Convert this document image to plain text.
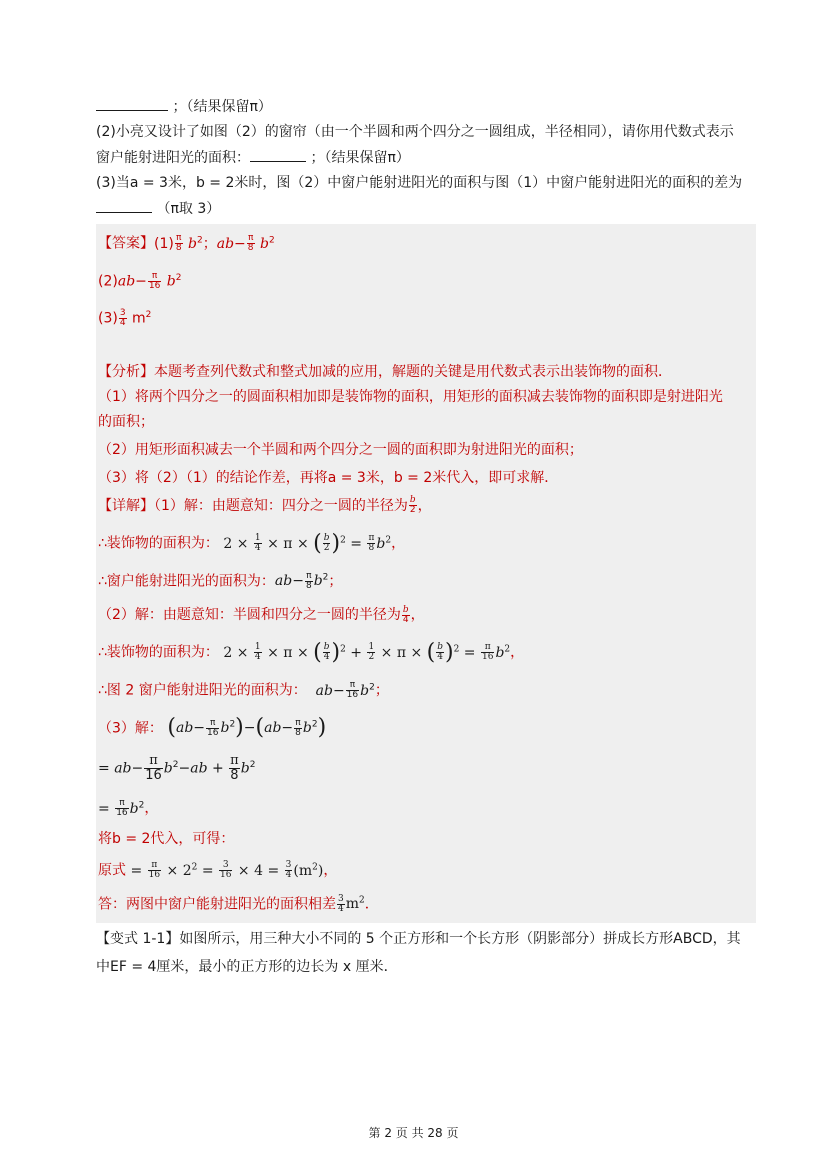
；（结果保留π）
(2)小亮又设计了如图（2）的窗帘（由一个半圆和两个四分之一圆组成，半径相同），请你用代数式表示
窗户能射进阳光的面积：	；（结果保留π）
(3)当a = 3米，b = 2米时，图（2）中窗户能射进阳光的面积与图（1）中窗户能射进阳光的面积的差为
（π取 3）
【答案】$(1) \frac{\pi}{8} b^2$；$ab- \frac{\pi}{8} b^2$
$(2)ab- \frac{\pi}{16} b^2$
$(3) \frac{3}{4} m^2$
【分析】本题考查列代数式和整式加减的应用，解题的关键是用代数式表示出装饰物的面积．
（1）将两个四分之一的圆面积相加即是装饰物的面积，用矩形的面积减去装饰物的面积即是射进阳光
的面积；
（2）用矩形面积减去一个半圆和两个四分之一圆的面积即为射进阳光的面积；
（3）将（2）（1）的结论作差，再将a = 3米，b = 2米代入，即可求解．
【详解】（1）解：由题意知：四分之一圆的半径为 $\frac{b}{2}$ ，
∴装饰物的面积为： $2 \times \frac{1}{4} \times \pi$ × ( $\frac{b}{2} )^2 = \frac{\pi}{8} b^2$，
∴窗户能射进阳光的面积为：$ab- \frac{\pi}{8} b^2$；
（2）解：由题意知：半圆和四分之一圆的半径为 $\frac{b}{4}$ ，
∴装饰物的面积为： $2 \times \frac{1}{4} \times \pi$ × ( $\frac{b}{4} )^2 + \frac{1}{2} \times \pi$ × ( $\frac{b}{4} )^2 = \frac{\pi}{16} b^2$，
∴图 2 窗户能射进阳光的面积为： $ab- \frac{\pi}{16} b^2$；
（3）解： $(ab- \frac{\pi}{16} b^2)-(ab- \frac{\pi}{8} b^2)$
= $ab- \frac{\pi}{16} b^2-ab + \frac{\pi}{8} b^2$
= $\frac{\pi}{16} b^2$，
将b = 2代入，可得：
原式 = $\frac{\pi}{16} \times 2^2 = \frac{3}{16} \times 4 = \frac{3}{4} (m^2)$，
答：两图中窗户能射进阳光的面积相差 $\frac{3}{4} m^2$．
【变式 1-1】如图所示，用三种大小不同的 5 个正方形和一个长方形（阴影部分）拼成长方形ABCD，其
中EF = 4厘米，最小的正方形的边长为 x 厘米．
第 2 页 共 28 页
